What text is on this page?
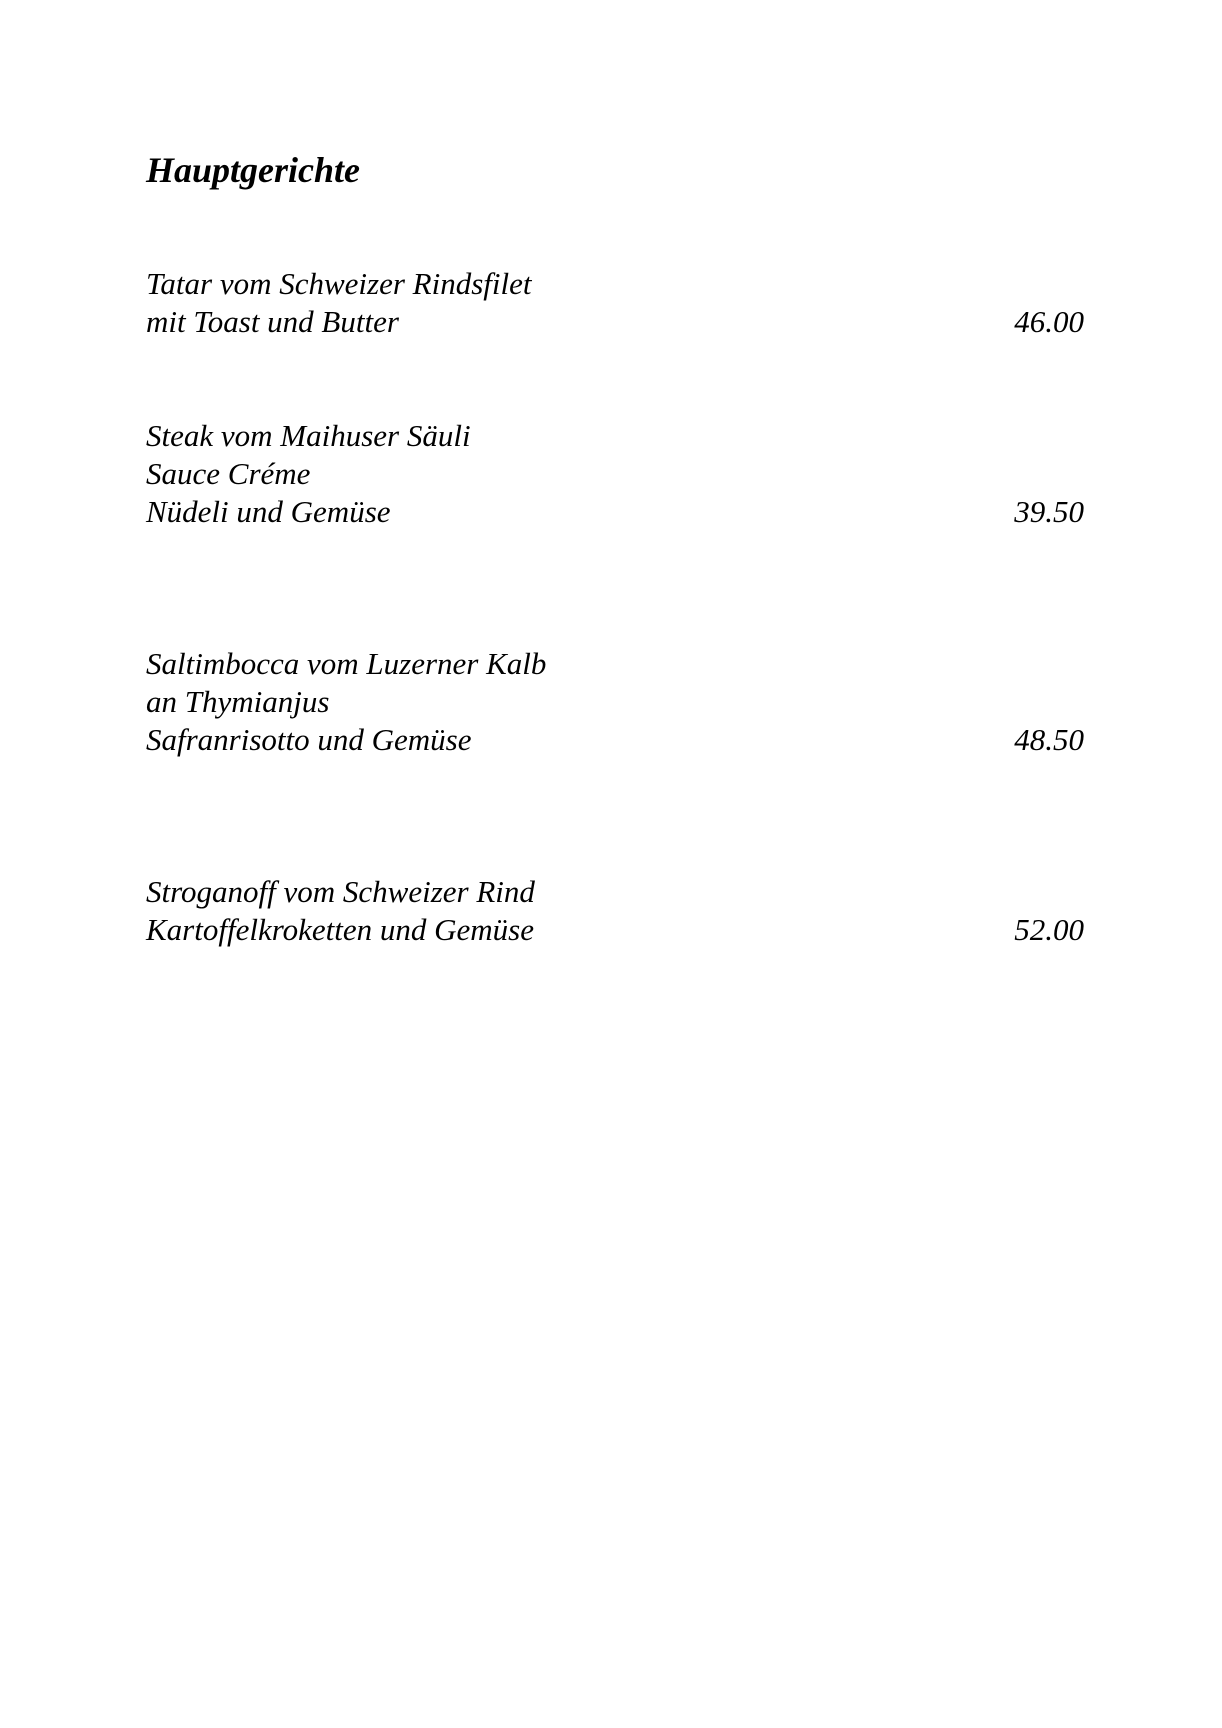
Hauptgerichte
Tatar vom Schweizer Rindsfilet
mit Toast und Butter	46.00
Steak vom Maihuser Säuli
Sauce Créme
Nüdeli und Gemüse	39.50
Saltimbocca vom Luzerner Kalb
an Thymianjus
Safranrisotto und Gemüse	48.50
Stroganoff vom Schweizer Rind
Kartoffelkroketten und Gemüse	52.00
